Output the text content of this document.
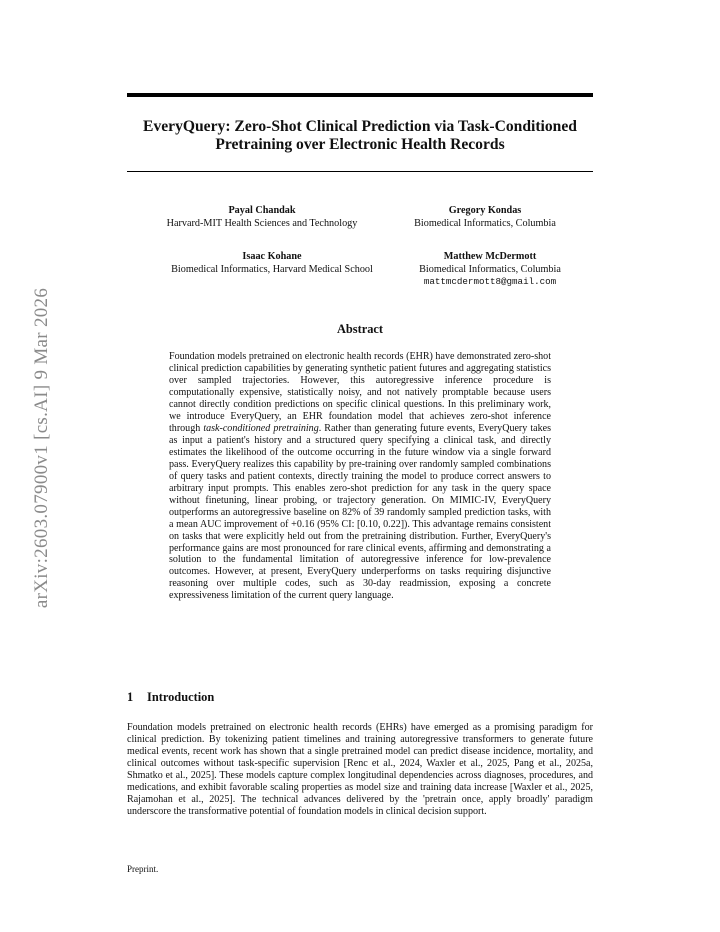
arXiv:2603.07900v1 [cs.AI] 9 Mar 2026
EveryQuery: Zero-Shot Clinical Prediction via Task-Conditioned Pretraining over Electronic Health Records
Payal Chandak
Harvard-MIT Health Sciences and Technology
Gregory Kondas
Biomedical Informatics, Columbia
Isaac Kohane
Biomedical Informatics, Harvard Medical School
Matthew McDermott
Biomedical Informatics, Columbia
mattmcdermott8@gmail.com
Abstract
Foundation models pretrained on electronic health records (EHR) have demonstrated zero-shot clinical prediction capabilities by generating synthetic patient futures and aggregating statistics over sampled trajectories. However, this autoregressive inference procedure is computationally expensive, statistically noisy, and not natively promptable because users cannot directly condition predictions on specific clinical questions. In this preliminary work, we introduce EveryQuery, an EHR foundation model that achieves zero-shot inference through task-conditioned pretraining. Rather than generating future events, EveryQuery takes as input a patient's history and a structured query specifying a clinical task, and directly estimates the likelihood of the outcome occurring in the future window via a single forward pass. EveryQuery realizes this capability by pre-training over randomly sampled combinations of query tasks and patient contexts, directly training the model to produce correct answers to arbitrary input prompts. This enables zero-shot prediction for any task in the query space without finetuning, linear probing, or trajectory generation. On MIMIC-IV, EveryQuery outperforms an autoregressive baseline on 82% of 39 randomly sampled prediction tasks, with a mean AUC improvement of +0.16 (95% CI: [0.10, 0.22]). This advantage remains consistent on tasks that were explicitly held out from the pretraining distribution. Further, EveryQuery's performance gains are most pronounced for rare clinical events, affirming and demonstrating a solution to the fundamental limitation of autoregressive inference for low-prevalence outcomes. However, at present, EveryQuery underperforms on tasks requiring disjunctive reasoning over multiple codes, such as 30-day readmission, exposing a concrete expressiveness limitation of the current query language.
1 Introduction
Foundation models pretrained on electronic health records (EHRs) have emerged as a promising paradigm for clinical prediction. By tokenizing patient timelines and training autoregressive transformers to generate future medical events, recent work has shown that a single pretrained model can predict disease incidence, mortality, and clinical outcomes without task-specific supervision [Renc et al., 2024, Waxler et al., 2025, Pang et al., 2025a, Shmatko et al., 2025]. These models capture complex longitudinal dependencies across diagnoses, procedures, and medications, and exhibit favorable scaling properties as model size and training data increase [Waxler et al., 2025, Rajamohan et al., 2025]. The technical advances delivered by the 'pretrain once, apply broadly' paradigm underscore the transformative potential of foundation models in clinical decision support.
Preprint.
